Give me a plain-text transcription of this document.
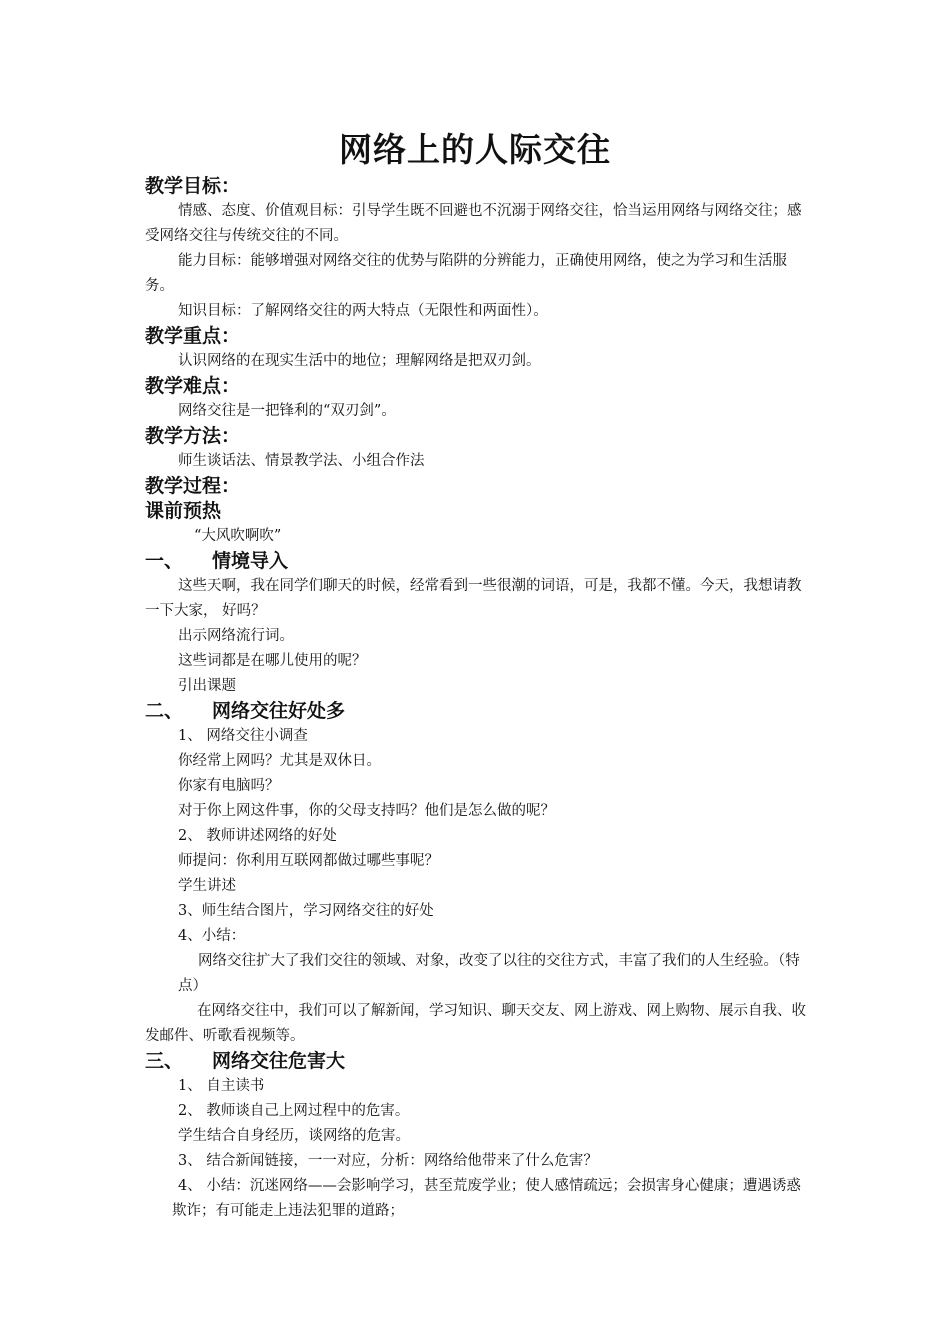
网络上的人际交往
教学目标：

情感、态度、价值观目标：引导学生既不回避也不沉溺于网络交往，恰当运用网络与网络交往；感受网络交往与传统交往的不同。

能力目标：能够增强对网络交往的优势与陷阱的分辨能力，正确使用网络，使之为学习和生活服务。

知识目标：了解网络交往的两大特点（无限性和两面性）。

教学重点：

认识网络的在现实生活中的地位；理解网络是把双刃剑。

教学难点：

网络交往是一把锋利的“双刃剑”。

教学方法：

师生谈话法、情景教学法、小组合作法

教学过程：
课前预热

“大风吹啊吹”

一、 情境导入

这些天啊，我在同学们聊天的时候，经常看到一些很潮的词语，可是，我都不懂。今天，我想请教一下大家， 好吗？

出示网络流行词。

这些词都是在哪儿使用的呢？

引出课题

二、 网络交往好处多

1、 网络交往小调查

你经常上网吗？尤其是双休日。

你家有电脑吗？

对于你上网这件事，你的父母支持吗？他们是怎么做的呢？

2、 教师讲述网络的好处

师提问：你利用互联网都做过哪些事呢？

学生讲述

3、师生结合图片，学习网络交往的好处

4、小结：

网络交往扩大了我们交往的领域、对象，改变了以往的交往方式，丰富了我们的人生经验。（特点）

在网络交往中，我们可以了解新闻，学习知识、聊天交友、网上游戏、网上购物、展示自我、收发邮件、听歌看视频等。

三、 网络交往危害大

1、 自主读书

2、 教师谈自己上网过程中的危害。

学生结合自身经历，谈网络的危害。

3、 结合新闻链接，一一对应，分析：网络给他带来了什么危害？

4、 小结：沉迷网络——会影响学习，甚至荒废学业；使人感情疏远；会损害身心健康；遭遇诱惑欺诈；有可能走上违法犯罪的道路；
